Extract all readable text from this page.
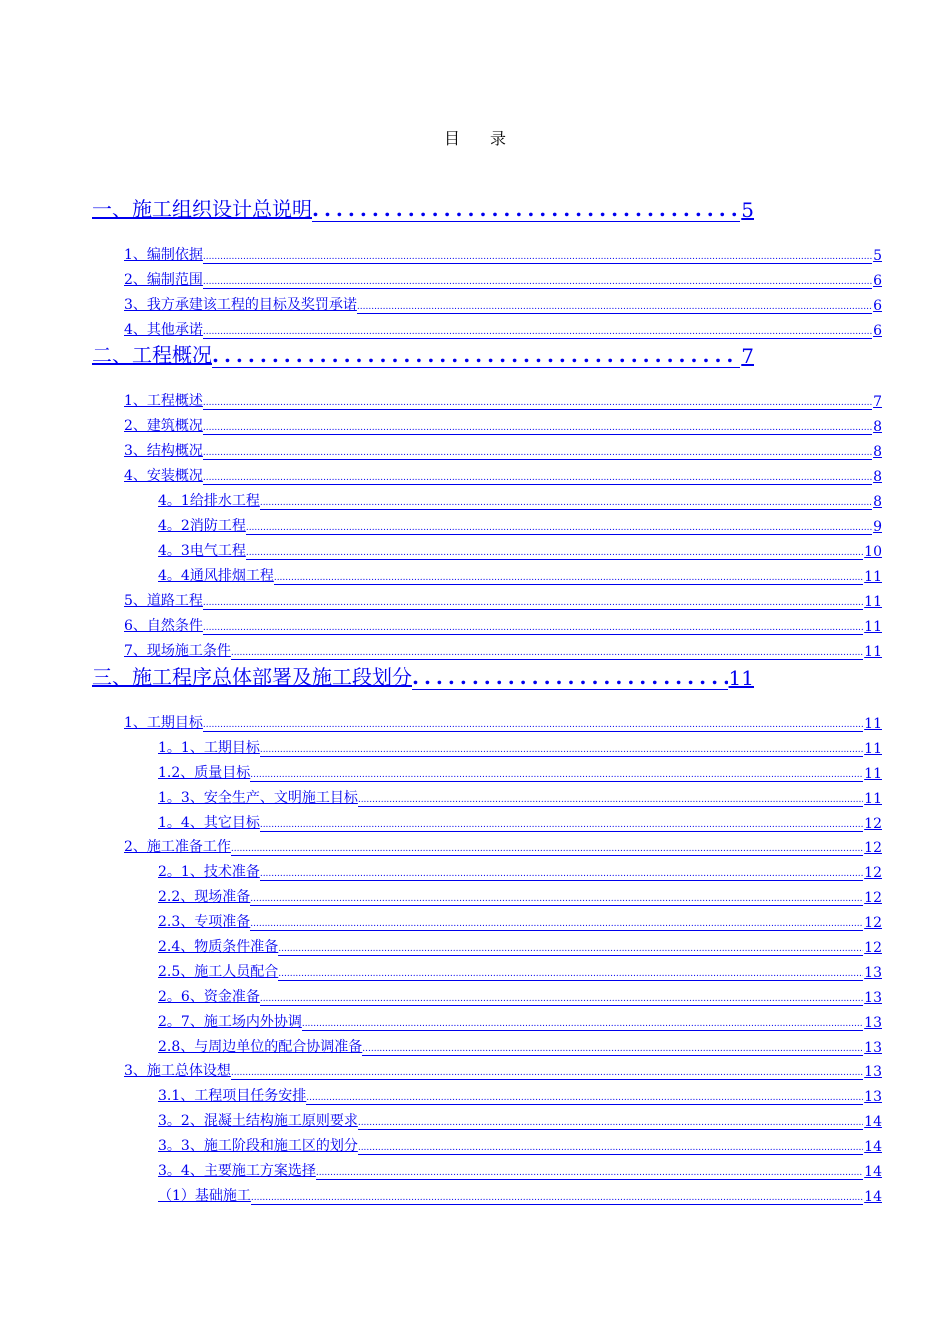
目 录
一、施工组织设计总说明 .....	5
1、编制依据 .....	5
2、编制范围 .....	6
3、我方承建该工程的目标及奖罚承诺 .....	6
4、其他承诺 .....	6
二、工程概况 .....	7
1、工程概述 .....	7
2、建筑概况 .....	8
3、结构概况 .....	8
4、安装概况 .....	8
4。1给排水工程 .....	8
4。2消防工程 .....	9
4。3电气工程 .....	10
4。4通风排烟工程 .....	11
5、道路工程 .....	11
6、自然条件 .....	11
7、现场施工条件 .....	11
三、施工程序总体部署及施工段划分 .....	11
1、工期目标 .....	11
1。1、工期目标 .....	11
1.2、质量目标 .....	11
1。3、安全生产、文明施工目标 .....	11
1。4、其它目标 .....	12
2、施工准备工作 .....	12
2。1、技术准备 .....	12
2.2、现场准备 .....	12
2.3、专项准备 .....	12
2.4、物质条件准备 .....	12
2.5、施工人员配合 .....	13
2。6、资金准备 .....	13
2。7、施工场内外协调 .....	13
2.8、与周边单位的配合协调准备 .....	13
3、施工总体设想 .....	13
3.1、工程项目任务安排 .....	13
3。2、混凝土结构施工原则要求 .....	14
3。3、施工阶段和施工区的划分 .....	14
3。4、主要施工方案选择 .....	14
（1）基础施工 .....	14
